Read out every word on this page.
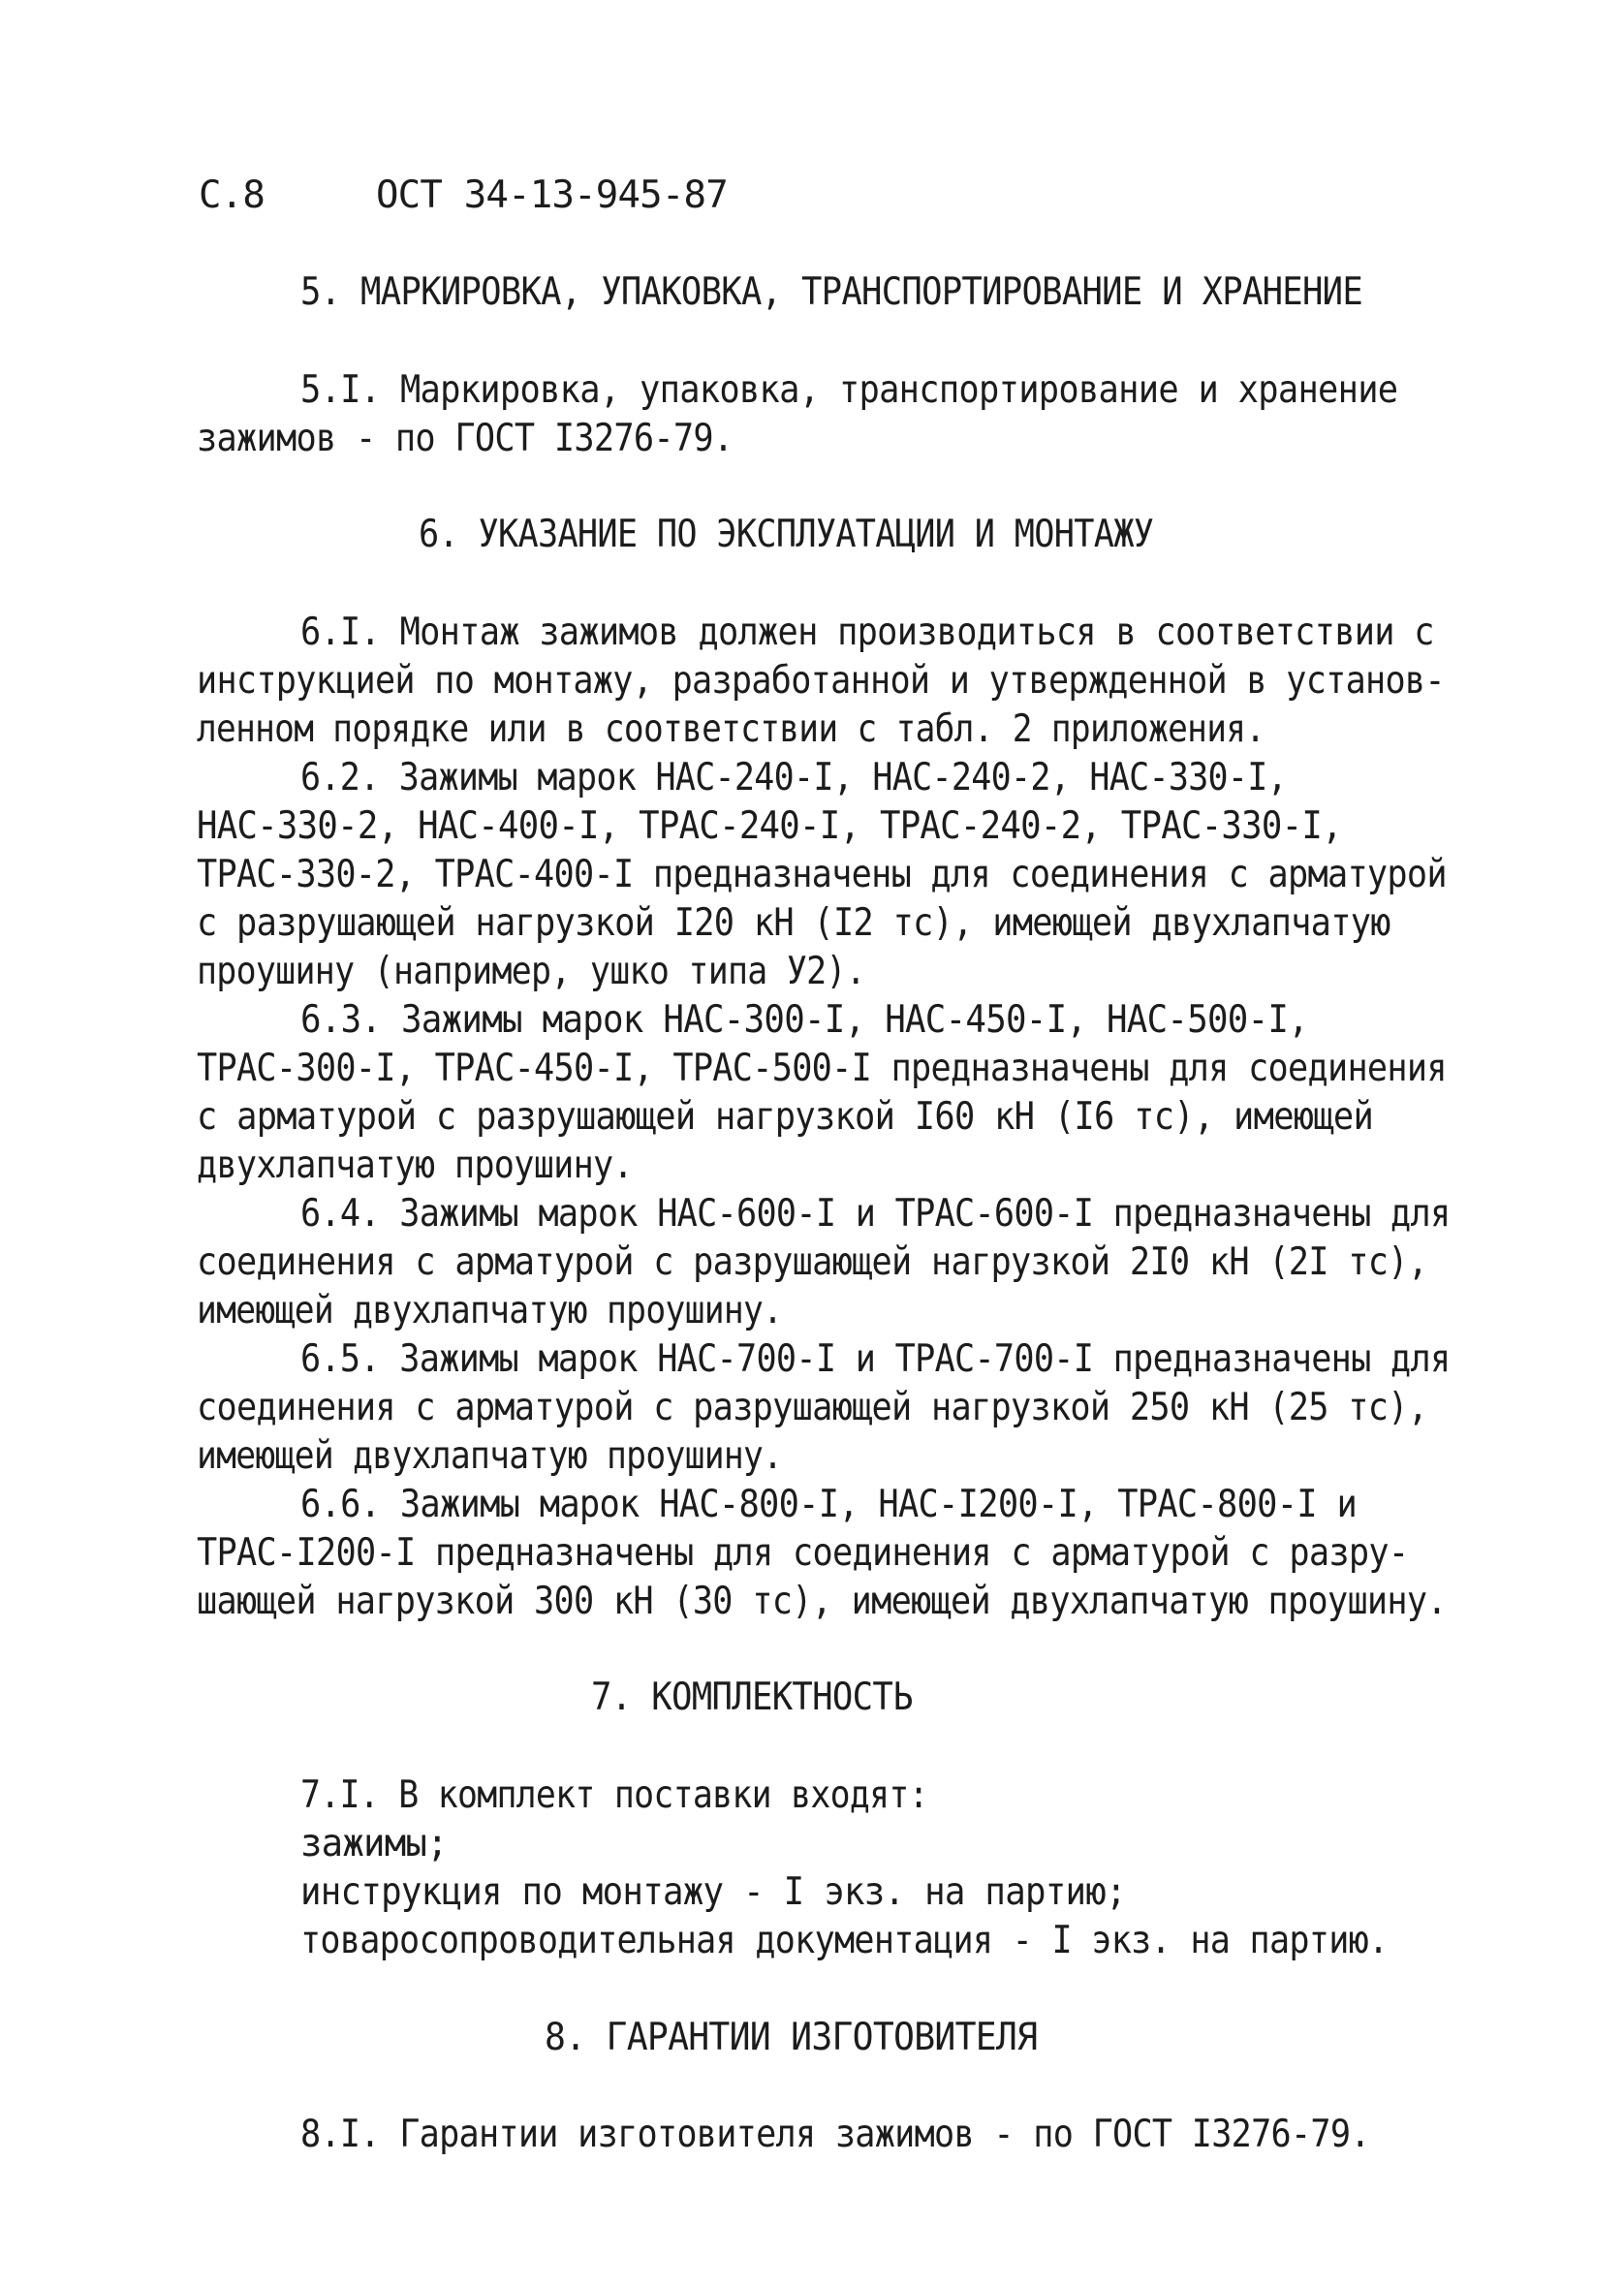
С.8	ОСТ 34-13-945-87
5. МАРКИРОВКА, УПАКОВКА, ТРАНСПОРТИРОВАНИЕ И ХРАНЕНИЕ
5.I. Маркировка, упаковка, транспортирование и хранение
зажимов - по ГОСТ I3276-79.
6. УКАЗАНИЕ ПО ЭКСПЛУАТАЦИИ И МОНТАЖУ
6.I. Монтаж зажимов должен производиться в соответствии с
инструкцией по монтажу, разработанной и утвержденной в установ-
ленном порядке или в соответствии с табл. 2 приложения.
6.2. Зажимы марок НАС-240-I, НАС-240-2, НАС-330-I,
НАС-330-2, НАС-400-I, ТРАС-240-I, ТРАС-240-2, ТРАС-330-I,
ТРАС-330-2, ТРАС-400-I предназначены для соединения с арматурой
с разрушающей нагрузкой I20 кН (I2 тс), имеющей двухлапчатую
проушину (например, ушко типа У2).
6.3. Зажимы марок НАС-300-I, НАС-450-I, НАС-500-I,
ТРАС-300-I, ТРАС-450-I, ТРАС-500-I предназначены для соединения
с арматурой с разрушающей нагрузкой I60 кН (I6 тс), имеющей
двухлапчатую проушину.
6.4. Зажимы марок НАС-600-I и ТРАС-600-I предназначены для
соединения с арматурой с разрушающей нагрузкой 2I0 кН (2I тс),
имеющей двухлапчатую проушину.
6.5. Зажимы марок НАС-700-I и ТРАС-700-I предназначены для
соединения с арматурой с разрушающей нагрузкой 250 кН (25 тс),
имеющей двухлапчатую проушину.
6.6. Зажимы марок НАС-800-I, НАС-I200-I, ТРАС-800-I и
ТРАС-I200-I предназначены для соединения с арматурой с разру-
шающей нагрузкой 300 кН (30 тс), имеющей двухлапчатую проушину.
7. КОМПЛЕКТНОСТЬ
7.I. В комплект поставки входят:
зажимы;
инструкция по монтажу - I экз. на партию;
товаросопроводительная документация - I экз. на партию.
8. ГАРАНТИИ ИЗГОТОВИТЕЛЯ
8.I. Гарантии изготовителя зажимов - по ГОСТ I3276-79.
